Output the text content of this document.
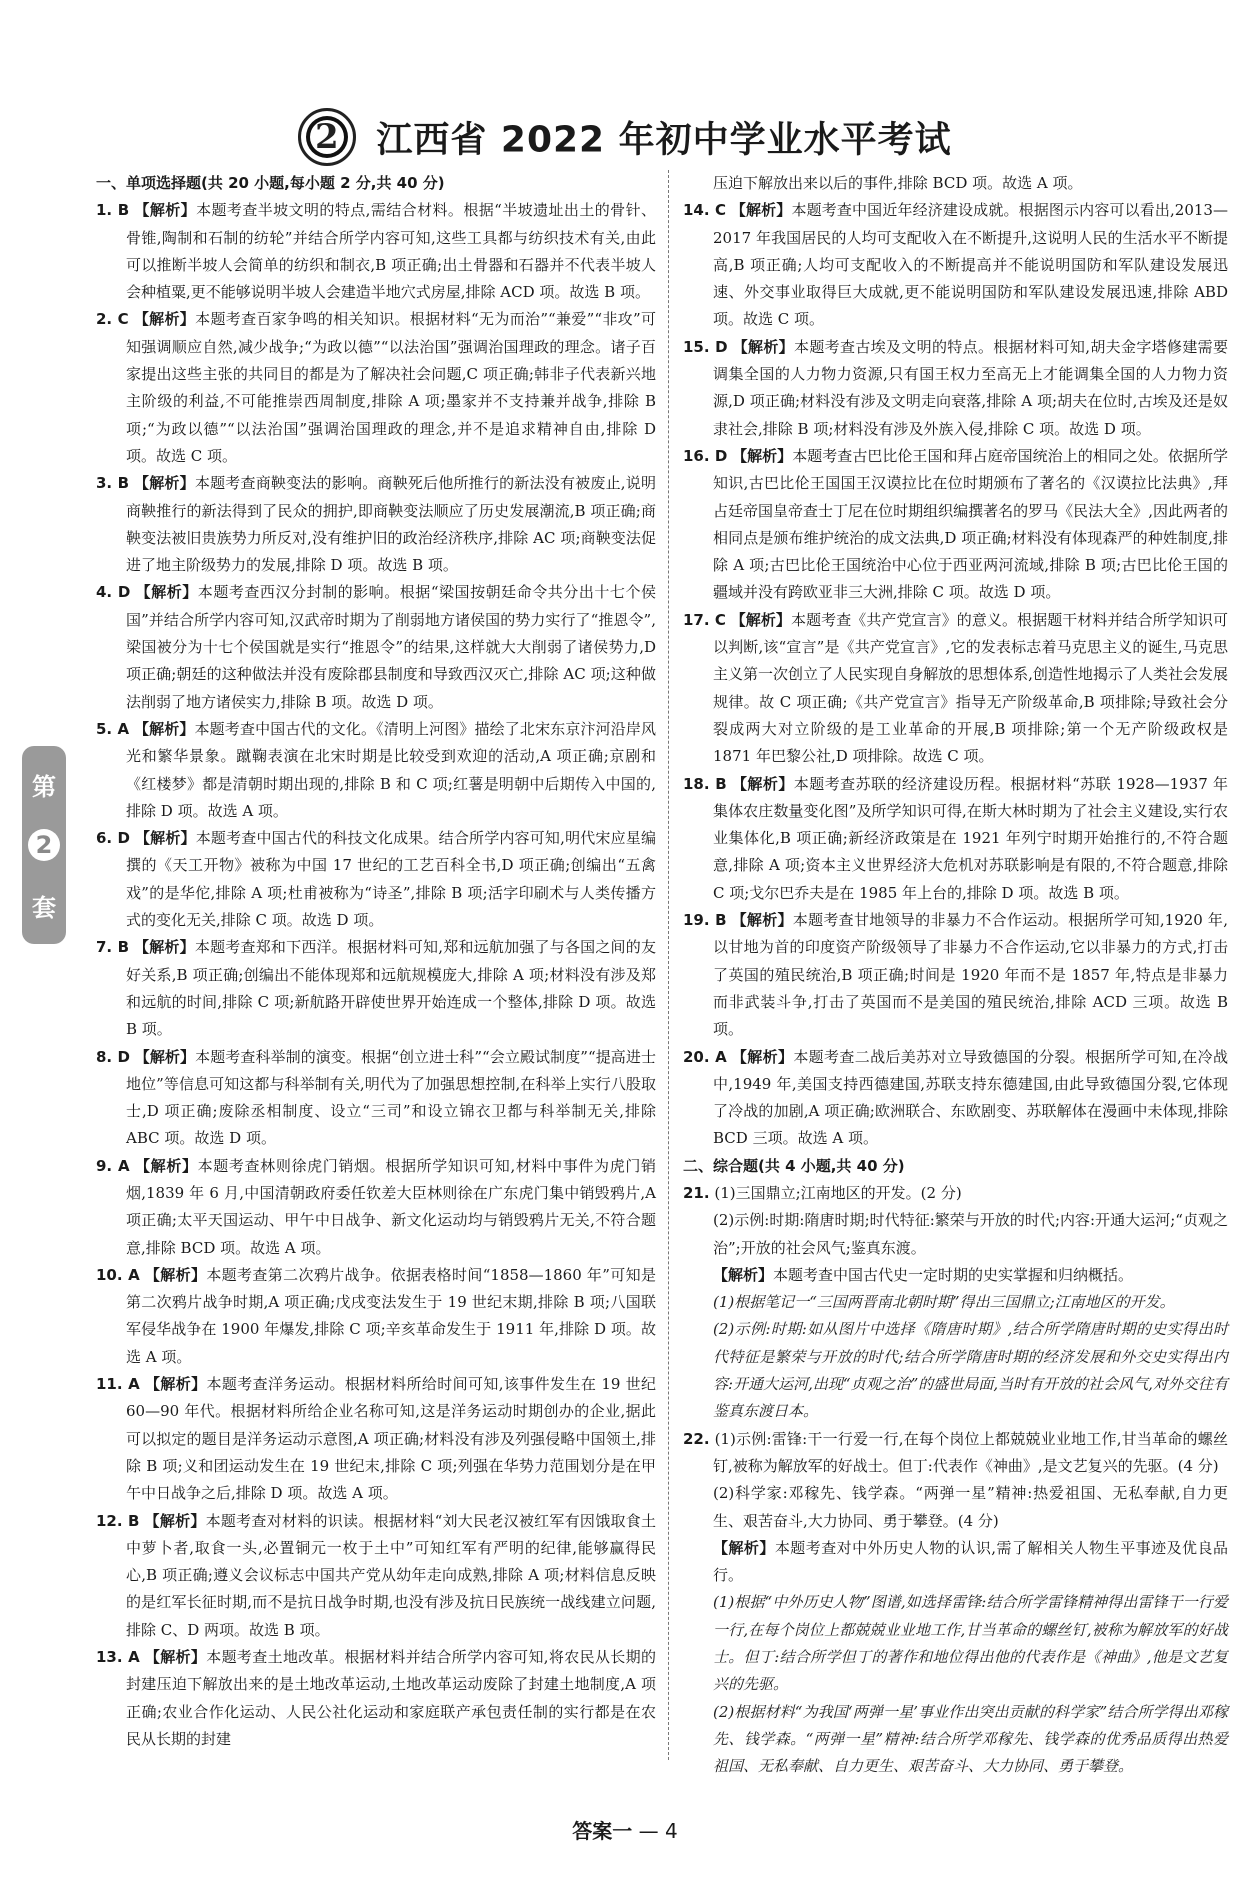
2 江西省 2022 年初中学业水平考试
第
2
套
一、单项选择题(共 20 小题,每小题 2 分,共 40 分)

1. B 【解析】本题考查半坡文明的特点,需结合材料。根据“半坡遗址出土的骨针、骨锥,陶制和石制的纺轮”并结合所学内容可知,这些工具都与纺织技术有关,由此可以推断半坡人会简单的纺织和制衣,B 项正确;出土骨器和石器并不代表半坡人会种植粟,更不能够说明半坡人会建造半地穴式房屋,排除 ACD 项。故选 B 项。

2. C 【解析】本题考查百家争鸣的相关知识。根据材料“无为而治”“兼爱”“非攻”可知强调顺应自然,减少战争;“为政以德”“以法治国”强调治国理政的理念。诸子百家提出这些主张的共同目的都是为了解决社会问题,C 项正确;韩非子代表新兴地主阶级的利益,不可能推崇西周制度,排除 A 项;墨家并不支持兼并战争,排除 B 项;“为政以德”“以法治国”强调治国理政的理念,并不是追求精神自由,排除 D 项。故选 C 项。

3. B 【解析】本题考查商鞅变法的影响。商鞅死后他所推行的新法没有被废止,说明商鞅推行的新法得到了民众的拥护,即商鞅变法顺应了历史发展潮流,B 项正确;商鞅变法被旧贵族势力所反对,没有维护旧的政治经济秩序,排除 AC 项;商鞅变法促进了地主阶级势力的发展,排除 D 项。故选 B 项。

4. D 【解析】本题考查西汉分封制的影响。根据“梁国按朝廷命令共分出十七个侯国”并结合所学内容可知,汉武帝时期为了削弱地方诸侯国的势力实行了“推恩令”,梁国被分为十七个侯国就是实行“推恩令”的结果,这样就大大削弱了诸侯势力,D 项正确;朝廷的这种做法并没有废除郡县制度和导致西汉灭亡,排除 AC 项;这种做法削弱了地方诸侯实力,排除 B 项。故选 D 项。

5. A 【解析】本题考查中国古代的文化。《清明上河图》描绘了北宋东京汴河沿岸风光和繁华景象。蹴鞠表演在北宋时期是比较受到欢迎的活动,A 项正确;京剧和《红楼梦》都是清朝时期出现的,排除 B 和 C 项;红薯是明朝中后期传入中国的,排除 D 项。故选 A 项。

6. D 【解析】本题考查中国古代的科技文化成果。结合所学内容可知,明代宋应星编撰的《天工开物》被称为中国 17 世纪的工艺百科全书,D 项正确;创编出“五禽戏”的是华佗,排除 A 项;杜甫被称为“诗圣”,排除 B 项;活字印刷术与人类传播方式的变化无关,排除 C 项。故选 D 项。

7. B 【解析】本题考查郑和下西洋。根据材料可知,郑和远航加强了与各国之间的友好关系,B 项正确;创编出不能体现郑和远航规模庞大,排除 A 项;材料没有涉及郑和远航的时间,排除 C 项;新航路开辟使世界开始连成一个整体,排除 D 项。故选 B 项。

8. D 【解析】本题考查科举制的演变。根据“创立进士科”“会立殿试制度”“提高进士地位”等信息可知这都与科举制有关,明代为了加强思想控制,在科举上实行八股取士,D 项正确;废除丞相制度、设立“三司”和设立锦衣卫都与科举制无关,排除 ABC 项。故选 D 项。

9. A 【解析】本题考查林则徐虎门销烟。根据所学知识可知,材料中事件为虎门销烟,1839 年 6 月,中国清朝政府委任钦差大臣林则徐在广东虎门集中销毁鸦片,A 项正确;太平天国运动、甲午中日战争、新文化运动均与销毁鸦片无关,不符合题意,排除 BCD 项。故选 A 项。

10. A 【解析】本题考查第二次鸦片战争。依据表格时间“1858—1860 年”可知是第二次鸦片战争时期,A 项正确;戊戌变法发生于 19 世纪末期,排除 B 项;八国联军侵华战争在 1900 年爆发,排除 C 项;辛亥革命发生于 1911 年,排除 D 项。故选 A 项。

11. A 【解析】本题考查洋务运动。根据材料所给时间可知,该事件发生在 19 世纪60—90 年代。根据材料所给企业名称可知,这是洋务运动时期创办的企业,据此可以拟定的题目是洋务运动示意图,A 项正确;材料没有涉及列强侵略中国领土,排除 B 项;义和团运动发生在 19 世纪末,排除 C 项;列强在华势力范围划分是在甲午中日战争之后,排除 D 项。故选 A 项。

12. B 【解析】本题考查对材料的识读。根据材料“刘大民老汉被红军有因饿取食土中萝卜者,取食一头,必置铜元一枚于土中”可知红军有严明的纪律,能够赢得民心,B 项正确;遵义会议标志中国共产党从幼年走向成熟,排除 A 项;材料信息反映的是红军长征时期,而不是抗日战争时期,也没有涉及抗日民族统一战线建立问题,排除 C、D 两项。故选 B 项。

13. A 【解析】本题考查土地改革。根据材料并结合所学内容可知,将农民从长期的封建压迫下解放出来的是土地改革运动,土地改革运动废除了封建土地制度,A 项正确;农业合作化运动、人民公社化运动和家庭联产承包责任制的实行都是在农民从长期的封建

压迫下解放出来以后的事件,排除 BCD 项。故选 A 项。

14. C 【解析】本题考查中国近年经济建设成就。根据图示内容可以看出,2013—2017 年我国居民的人均可支配收入在不断提升,这说明人民的生活水平不断提高,B 项正确;人均可支配收入的不断提高并不能说明国防和军队建设发展迅速、外交事业取得巨大成就,更不能说明国防和军队建设发展迅速,排除 ABD 项。故选 C 项。

15. D 【解析】本题考查古埃及文明的特点。根据材料可知,胡夫金字塔修建需要调集全国的人力物力资源,只有国王权力至高无上才能调集全国的人力物力资源,D 项正确;材料没有涉及文明走向衰落,排除 A 项;胡夫在位时,古埃及还是奴隶社会,排除 B 项;材料没有涉及外族入侵,排除 C 项。故选 D 项。

16. D 【解析】本题考查古巴比伦王国和拜占庭帝国统治上的相同之处。依据所学知识,古巴比伦王国国王汉谟拉比在位时期颁布了著名的《汉谟拉比法典》,拜占廷帝国皇帝查士丁尼在位时期组织编撰著名的罗马《民法大全》,因此两者的相同点是颁布维护统治的成文法典,D 项正确;材料没有体现森严的种姓制度,排除 A 项;古巴比伦王国统治中心位于西亚两河流域,排除 B 项;古巴比伦王国的疆域并没有跨欧亚非三大洲,排除 C 项。故选 D 项。

17. C 【解析】本题考查《共产党宣言》的意义。根据题干材料并结合所学知识可以判断,该“宣言”是《共产党宣言》,它的发表标志着马克思主义的诞生,马克思主义第一次创立了人民实现自身解放的思想体系,创造性地揭示了人类社会发展规律。故 C 项正确;《共产党宣言》指导无产阶级革命,B 项排除;导致社会分裂成两大对立阶级的是工业革命的开展,B 项排除;第一个无产阶级政权是 1871 年巴黎公社,D 项排除。故选 C 项。

18. B 【解析】本题考查苏联的经济建设历程。根据材料“苏联 1928—1937 年集体农庄数量变化图”及所学知识可得,在斯大林时期为了社会主义建设,实行农业集体化,B 项正确;新经济政策是在 1921 年列宁时期开始推行的,不符合题意,排除 A 项;资本主义世界经济大危机对苏联影响是有限的,不符合题意,排除 C 项;戈尔巴乔夫是在 1985 年上台的,排除 D 项。故选 B 项。

19. B 【解析】本题考查甘地领导的非暴力不合作运动。根据所学可知,1920 年,以甘地为首的印度资产阶级领导了非暴力不合作运动,它以非暴力的方式,打击了英国的殖民统治,B 项正确;时间是 1920 年而不是 1857 年,特点是非暴力而非武装斗争,打击了英国而不是美国的殖民统治,排除 ACD 三项。故选 B 项。

20. A 【解析】本题考查二战后美苏对立导致德国的分裂。根据所学可知,在冷战中,1949 年,美国支持西德建国,苏联支持东德建国,由此导致德国分裂,它体现了冷战的加剧,A 项正确;欧洲联合、东欧剧变、苏联解体在漫画中未体现,排除 BCD 三项。故选 A 项。

二、综合题(共 4 小题,共 40 分)

21. (1)三国鼎立;江南地区的开发。(2 分)

(2)示例:时期:隋唐时期;时代特征:繁荣与开放的时代;内容:开通大运河;“贞观之治”;开放的社会风气;鉴真东渡。

【解析】本题考查中国古代史一定时期的史实掌握和归纳概括。

(1)根据笔记一“三国两晋南北朝时期”得出三国鼎立;江南地区的开发。

(2)示例:时期:如从图片中选择《隋唐时期》,结合所学隋唐时期的史实得出时代特征是繁荣与开放的时代;结合所学隋唐时期的经济发展和外交史实得出内容:开通大运河,出现“贞观之治”的盛世局面,当时有开放的社会风气,对外交往有鉴真东渡日本。

22. (1)示例:雷锋:干一行爱一行,在每个岗位上都兢兢业业地工作,甘当革命的螺丝钉,被称为解放军的好战士。但丁:代表作《神曲》,是文艺复兴的先驱。(4 分)

(2)科学家:邓稼先、钱学森。“两弹一星”精神:热爱祖国、无私奉献,自力更生、艰苦奋斗,大力协同、勇于攀登。(4 分)

【解析】本题考查对中外历史人物的认识,需了解相关人物生平事迹及优良品行。

(1)根据“中外历史人物”图谱,如选择雷锋:结合所学雷锋精神得出雷锋干一行爱一行,在每个岗位上都兢兢业业地工作,甘当革命的螺丝钉,被称为解放军的好战士。但丁:结合所学但丁的著作和地位得出他的代表作是《神曲》,他是文艺复兴的先驱。

(2)根据材料“为我国‘两弹一星’事业作出突出贡献的科学家”结合所学得出邓稼先、钱学森。“两弹一星”精神:结合所学邓稼先、钱学森的优秀品质得出热爱祖国、无私奉献、自力更生、艰苦奋斗、大力协同、勇于攀登。

答案一 — 4
